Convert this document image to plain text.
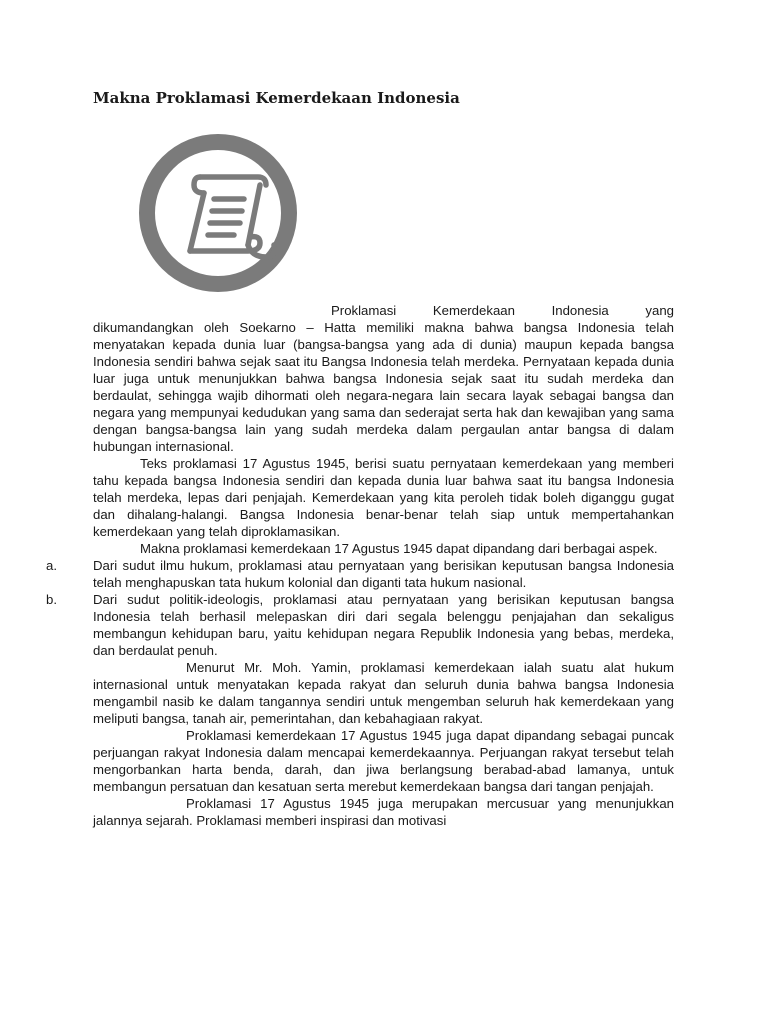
Makna Proklamasi Kemerdekaan Indonesia

Proklamasi Kemerdekaan Indonesia yang dikumandangkan oleh Soekarno – Hatta memiliki makna bahwa bangsa Indonesia telah menyatakan kepada dunia luar (bangsa-bangsa yang ada di dunia) maupun kepada bangsa Indonesia sendiri bahwa sejak saat itu Bangsa Indonesia telah merdeka. Pernyataan kepada dunia luar juga untuk menunjukkan bahwa bangsa Indonesia sejak saat itu sudah merdeka dan berdaulat, sehingga wajib dihormati oleh negara-negara lain secara layak sebagai bangsa dan negara yang mempunyai kedudukan yang sama dan sederajat serta hak dan kewajiban yang sama dengan bangsa-bangsa lain yang sudah merdeka dalam pergaulan antar bangsa di dalam hubungan internasional.

Teks proklamasi 17 Agustus 1945, berisi suatu pernyataan kemerdekaan yang memberi tahu kepada bangsa Indonesia sendiri dan kepada dunia luar bahwa saat itu bangsa Indonesia telah merdeka, lepas dari penjajah. Kemerdekaan yang kita peroleh tidak boleh diganggu gugat dan dihalang-halangi. Bangsa Indonesia benar-benar telah siap untuk mempertahankan kemerdekaan yang telah diproklamasikan.

Makna proklamasi kemerdekaan 17 Agustus 1945 dapat dipandang dari berbagai aspek.

a.	Dari sudut ilmu hukum, proklamasi atau pernyataan yang berisikan keputusan bangsa Indonesia telah menghapuskan tata hukum kolonial dan diganti tata hukum nasional.

b.	Dari sudut politik-ideologis, proklamasi atau pernyataan yang berisikan keputusan bangsa Indonesia telah berhasil melepaskan diri dari segala belenggu penjajahan dan sekaligus membangun kehidupan baru, yaitu kehidupan negara Republik Indonesia yang bebas, merdeka, dan berdaulat penuh.

Menurut Mr. Moh. Yamin, proklamasi kemerdekaan ialah suatu alat hukum internasional untuk menyatakan kepada rakyat dan seluruh dunia bahwa bangsa Indonesia mengambil nasib ke dalam tangannya sendiri untuk mengemban seluruh hak kemerdekaan yang meliputi bangsa, tanah air, pemerintahan, dan kebahagiaan rakyat.

Proklamasi kemerdekaan 17 Agustus 1945 juga dapat dipandang sebagai puncak perjuangan rakyat Indonesia dalam mencapai kemerdekaannya. Perjuangan rakyat tersebut telah mengorbankan harta benda, darah, dan jiwa berlangsung berabad-abad lamanya, untuk membangun persatuan dan kesatuan serta merebut kemerdekaan bangsa dari tangan penjajah.

Proklamasi 17 Agustus 1945 juga merupakan mercusuar yang menunjukkan jalannya sejarah. Proklamasi memberi inspirasi dan motivasi
